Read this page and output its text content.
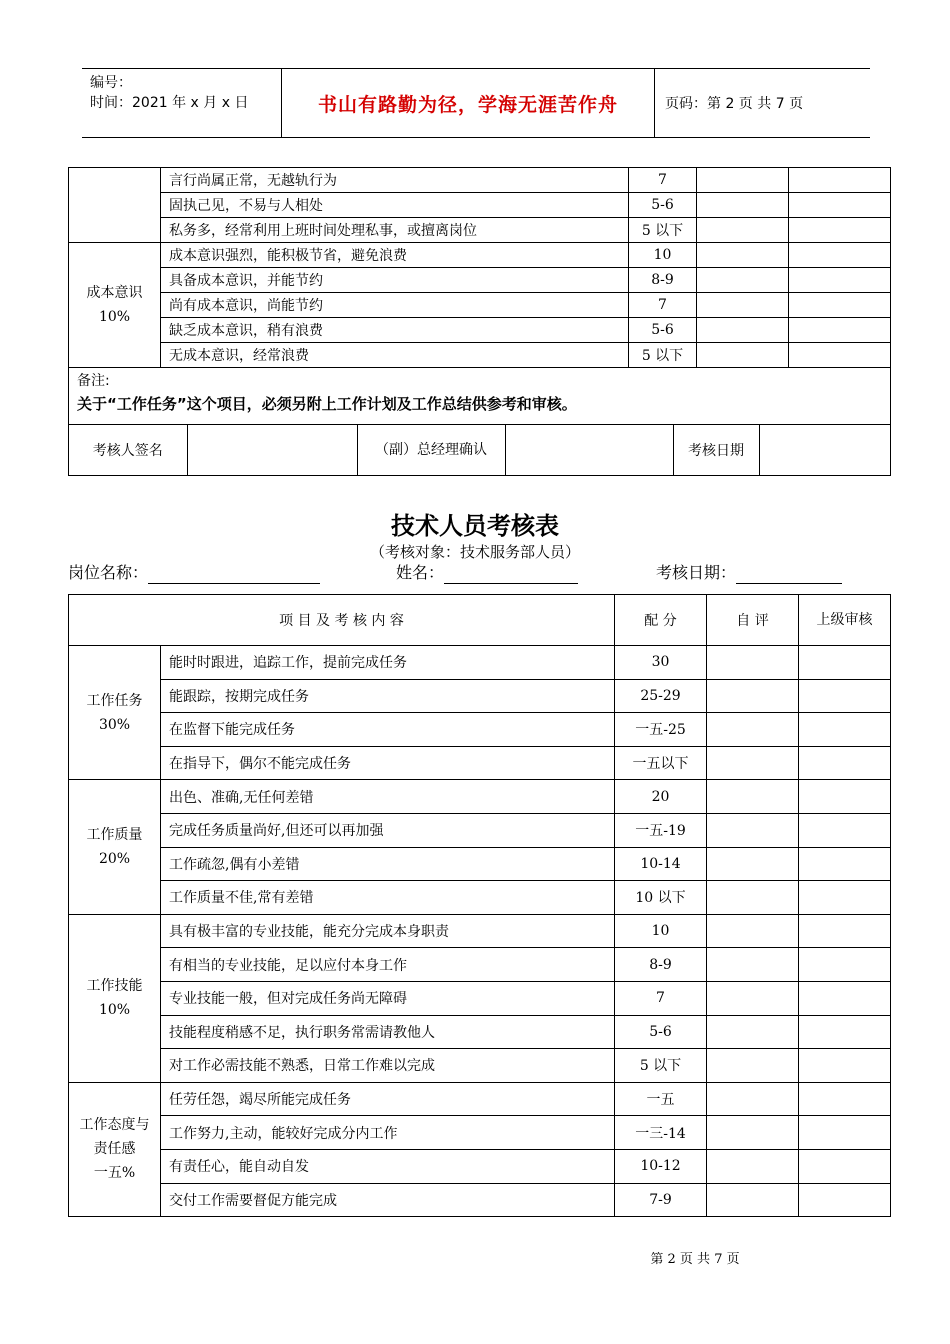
编号：
时间：2021 年 x 月 x 日	书山有路勤为径，学海无涯苦作舟	页码：第 2 页 共 7 页
	言行尚属正常，无越轨行为	7		
固执己见，不易与人相处	5-6		
私务多，经常利用上班时间处理私事，或擅离岗位	5 以下		

成本意识
10%
	成本意识强烈，能积极节省，避免浪费	10		
具备成本意识，并能节约	8-9		
尚有成本意识，尚能节约	7		
缺乏成本意识，稍有浪费	5-6		
无成本意识，经常浪费	5 以下		

备注:
关于“工作任务”这个项目，必须另附上工作计划及工作总结供参考和审核。

考核人签名		（副）总经理确认		考核日期	
技术人员考核表
（考核对象：技术服务部人员）
岗位名称：	姓名：	考核日期：
项 目 及 考 核 内 容		配 分	自 评	上级审核

工作任务
30%	能时时跟进，追踪工作，提前完成任务	30		
	能跟踪，按期完成任务	25-29		
	在监督下能完成任务	一五-25		
	在指导下，偶尔不能完成任务	一五以下		

工作质量
20%	出色、准确,无任何差错	20		
	完成任务质量尚好,但还可以再加强	一五-19		
	工作疏忽,偶有小差错	10-14		
	工作质量不佳,常有差错	10 以下		

工作技能
10%	具有极丰富的专业技能，能充分完成本身职责	10		
	有相当的专业技能，足以应付本身工作	8-9		
	专业技能一般，但对完成任务尚无障碍	7		
	技能程度稍感不足，执行职务常需请教他人	5-6		
	对工作必需技能不熟悉，日常工作难以完成	5 以下		

工作态度与责任感
一五%	任劳任怨，竭尽所能完成任务	一五		
	工作努力,主动，能较好完成分内工作	一三-14		
	有责任心，能自动自发	10-12		
	交付工作需要督促方能完成	7-9		
第 2 页 共 7 页
